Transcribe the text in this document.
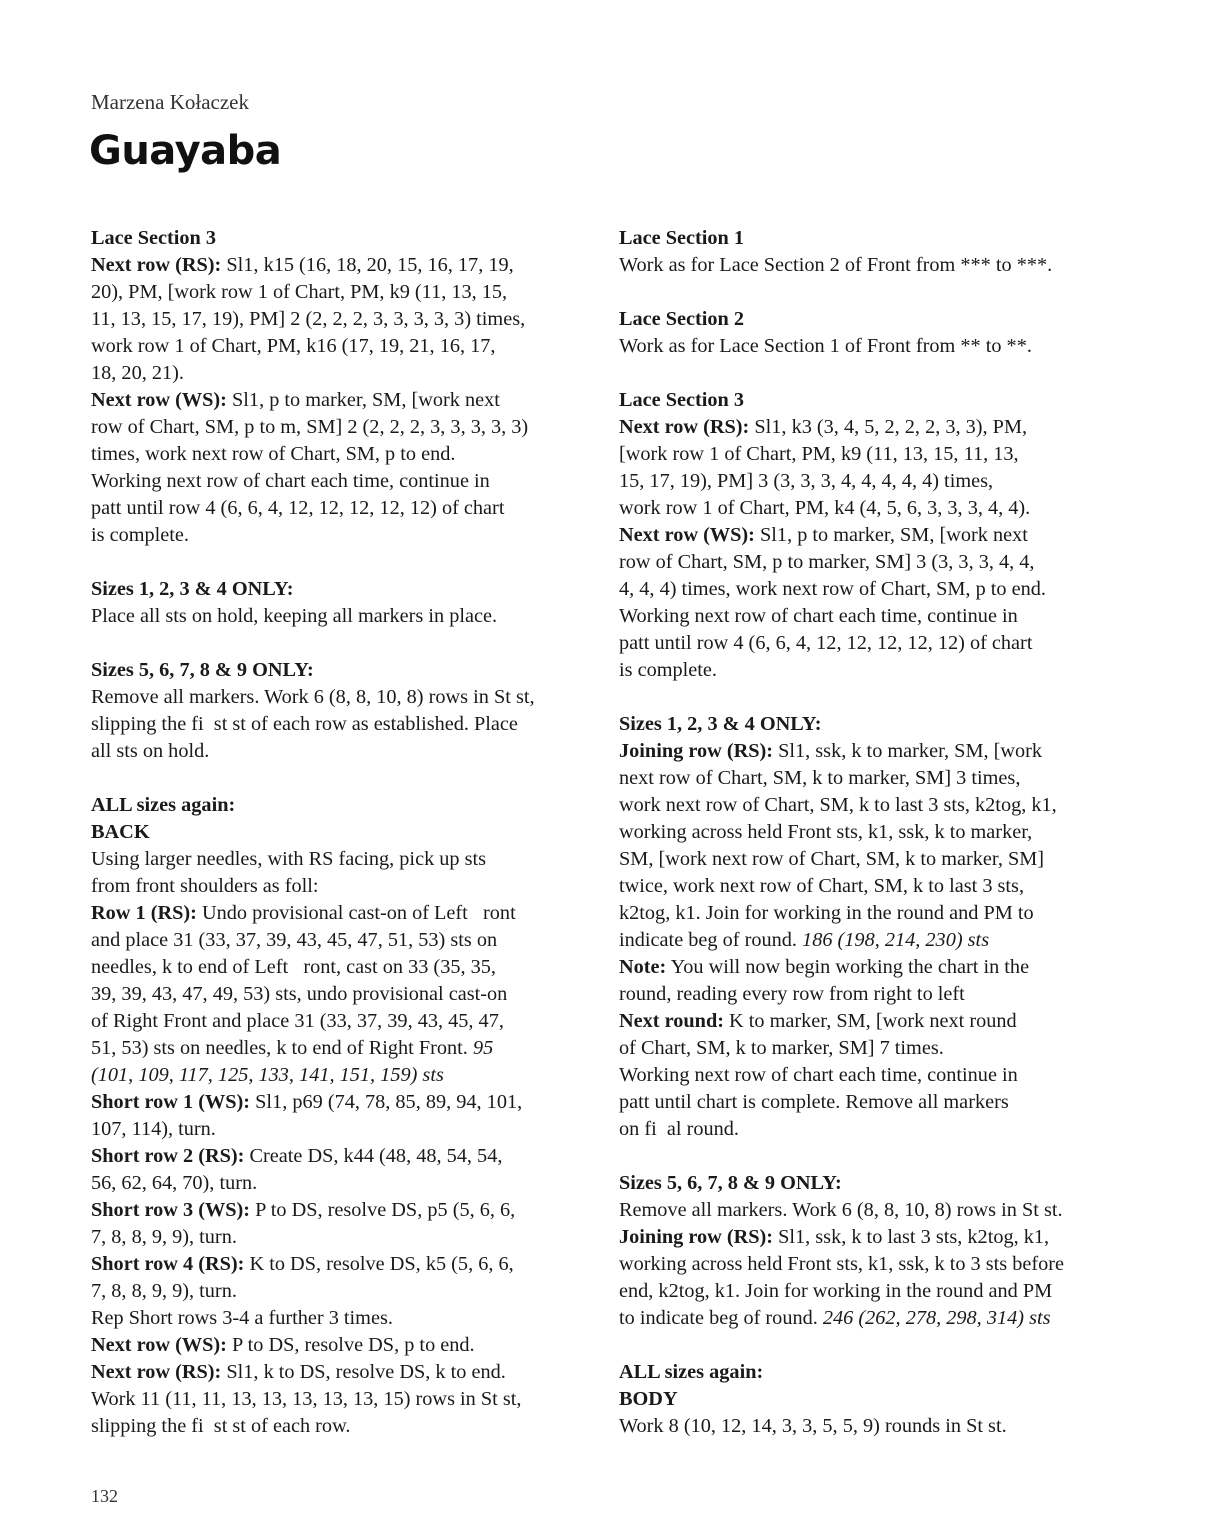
Marzena Kołaczek
Guayaba
Lace Section 3
Next row (RS): Sl1, k15 (16, 18, 20, 15, 16, 17, 19,
20), PM, [work row 1 of Chart, PM, k9 (11, 13, 15,
11, 13, 15, 17, 19), PM] 2 (2, 2, 2, 3, 3, 3, 3, 3) times,
work row 1 of Chart, PM, k16 (17, 19, 21, 16, 17,
18, 20, 21).
Next row (WS): Sl1, p to marker, SM, [work next
row of Chart, SM, p to m, SM] 2 (2, 2, 2, 3, 3, 3, 3, 3)
times, work next row of Chart, SM, p to end.
Working next row of chart each time, continue in
patt until row 4 (6, 6, 4, 12, 12, 12, 12, 12) of chart
is complete.
Sizes 1, 2, 3 & 4 ONLY:
Place all sts on hold, keeping all markers in place.
Sizes 5, 6, 7, 8 & 9 ONLY:
Remove all markers. Work 6 (8, 8, 10, 8) rows in St st,
slipping the fi  st st of each row as established. Place
all sts on hold.
ALL sizes again:
BACK
Using larger needles, with RS facing, pick up sts
from front shoulders as foll:
Row 1 (RS): Undo provisional cast-on of Left   ront
and place 31 (33, 37, 39, 43, 45, 47, 51, 53) sts on
needles, k to end of Left   ront, cast on 33 (35, 35,
39, 39, 43, 47, 49, 53) sts, undo provisional cast-on
of Right Front and place 31 (33, 37, 39, 43, 45, 47,
51, 53) sts on needles, k to end of Right Front. 95
(101, 109, 117, 125, 133, 141, 151, 159) sts
Short row 1 (WS): Sl1, p69 (74, 78, 85, 89, 94, 101,
107, 114), turn.
Short row 2 (RS): Create DS, k44 (48, 48, 54, 54,
56, 62, 64, 70), turn.
Short row 3 (WS): P to DS, resolve DS, p5 (5, 6, 6,
7, 8, 8, 9, 9), turn.
Short row 4 (RS): K to DS, resolve DS, k5 (5, 6, 6,
7, 8, 8, 9, 9), turn.
Rep Short rows 3-4 a further 3 times.
Next row (WS): P to DS, resolve DS, p to end.
Next row (RS): Sl1, k to DS, resolve DS, k to end.
Work 11 (11, 11, 13, 13, 13, 13, 13, 15) rows in St st,
slipping the fi  st st of each row.
Lace Section 1
Work as for Lace Section 2 of Front from *** to ***.
Lace Section 2
Work as for Lace Section 1 of Front from ** to **.
Lace Section 3
Next row (RS): Sl1, k3 (3, 4, 5, 2, 2, 2, 3, 3), PM,
[work row 1 of Chart, PM, k9 (11, 13, 15, 11, 13,
15, 17, 19), PM] 3 (3, 3, 3, 4, 4, 4, 4, 4) times,
work row 1 of Chart, PM, k4 (4, 5, 6, 3, 3, 3, 4, 4).
Next row (WS): Sl1, p to marker, SM, [work next
row of Chart, SM, p to marker, SM] 3 (3, 3, 3, 4, 4,
4, 4, 4) times, work next row of Chart, SM, p to end.
Working next row of chart each time, continue in
patt until row 4 (6, 6, 4, 12, 12, 12, 12, 12) of chart
is complete.
Sizes 1, 2, 3 & 4 ONLY:
Joining row (RS): Sl1, ssk, k to marker, SM, [work
next row of Chart, SM, k to marker, SM] 3 times,
work next row of Chart, SM, k to last 3 sts, k2tog, k1,
working across held Front sts, k1, ssk, k to marker,
SM, [work next row of Chart, SM, k to marker, SM]
twice, work next row of Chart, SM, k to last 3 sts,
k2tog, k1. Join for working in the round and PM to
indicate beg of round. 186 (198, 214, 230) sts
Note: You will now begin working the chart in the
round, reading every row from right to left
Next round: K to marker, SM, [work next round
of Chart, SM, k to marker, SM] 7 times.
Working next row of chart each time, continue in
patt until chart is complete. Remove all markers
on fi  al round.
Sizes 5, 6, 7, 8 & 9 ONLY:
Remove all markers. Work 6 (8, 8, 10, 8) rows in St st.
Joining row (RS): Sl1, ssk, k to last 3 sts, k2tog, k1,
working across held Front sts, k1, ssk, k to 3 sts before
end, k2tog, k1. Join for working in the round and PM
to indicate beg of round. 246 (262, 278, 298, 314) sts
ALL sizes again:
BODY
Work 8 (10, 12, 14, 3, 3, 5, 5, 9) rounds in St st.
132
